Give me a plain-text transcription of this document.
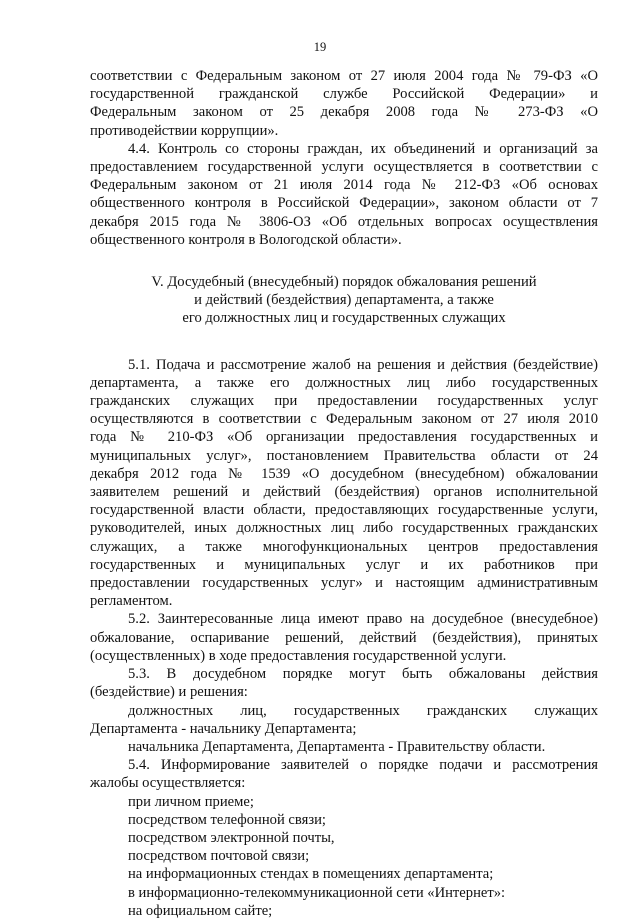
19
соответствии с Федеральным законом от 27 июля 2004 года № 79-ФЗ «О
государственной гражданской службе Российской Федерации» и
Федеральным законом от 25 декабря 2008 года № 273-ФЗ «О
противодействии коррупции».
4.4. Контроль со стороны граждан, их объединений и организаций за
предоставлением государственной услуги осуществляется в соответствии с
Федеральным законом от 21 июля 2014 года № 212-ФЗ «Об основах
общественного контроля в Российской Федерации», законом области от 7
декабря 2015 года № 3806-ОЗ «Об отдельных вопросах осуществления
общественного контроля в Вологодской области».
V. Досудебный (внесудебный) порядок обжалования решений
и действий (бездействия) департамента, а также
его должностных лиц и государственных служащих
5.1. Подача и рассмотрение жалоб на решения и действия (бездействие)
департамента, а также его должностных лиц либо государственных
гражданских служащих при предоставлении государственных услуг
осуществляются в соответствии с Федеральным законом от 27 июля 2010
года № 210-ФЗ «Об организации предоставления государственных и
муниципальных услуг», постановлением Правительства области от 24
декабря 2012 года № 1539 «О досудебном (внесудебном) обжаловании
заявителем решений и действий (бездействия) органов исполнительной
государственной власти области, предоставляющих государственные услуги,
руководителей, иных должностных лиц либо государственных гражданских
служащих, а также многофункциональных центров предоставления
государственных и муниципальных услуг и их работников при
предоставлении государственных услуг» и настоящим административным
регламентом.
5.2. Заинтересованные лица имеют право на досудебное (внесудебное)
обжалование, оспаривание решений, действий (бездействия), принятых
(осуществленных) в ходе предоставления государственной услуги.
5.3. В досудебном порядке могут быть обжалованы действия
(бездействие) и решения:
должностных лиц, государственных гражданских служащих
Департамента - начальнику Департамента;
начальника Департамента, Департамента - Правительству области.
5.4. Информирование заявителей о порядке подачи и рассмотрения
жалобы осуществляется:
при личном приеме;
посредством телефонной связи;
посредством электронной почты,
посредством почтовой связи;
на информационных стендах в помещениях департамента;
в информационно-телекоммуникационной сети «Интернет»:
на официальном сайте;
